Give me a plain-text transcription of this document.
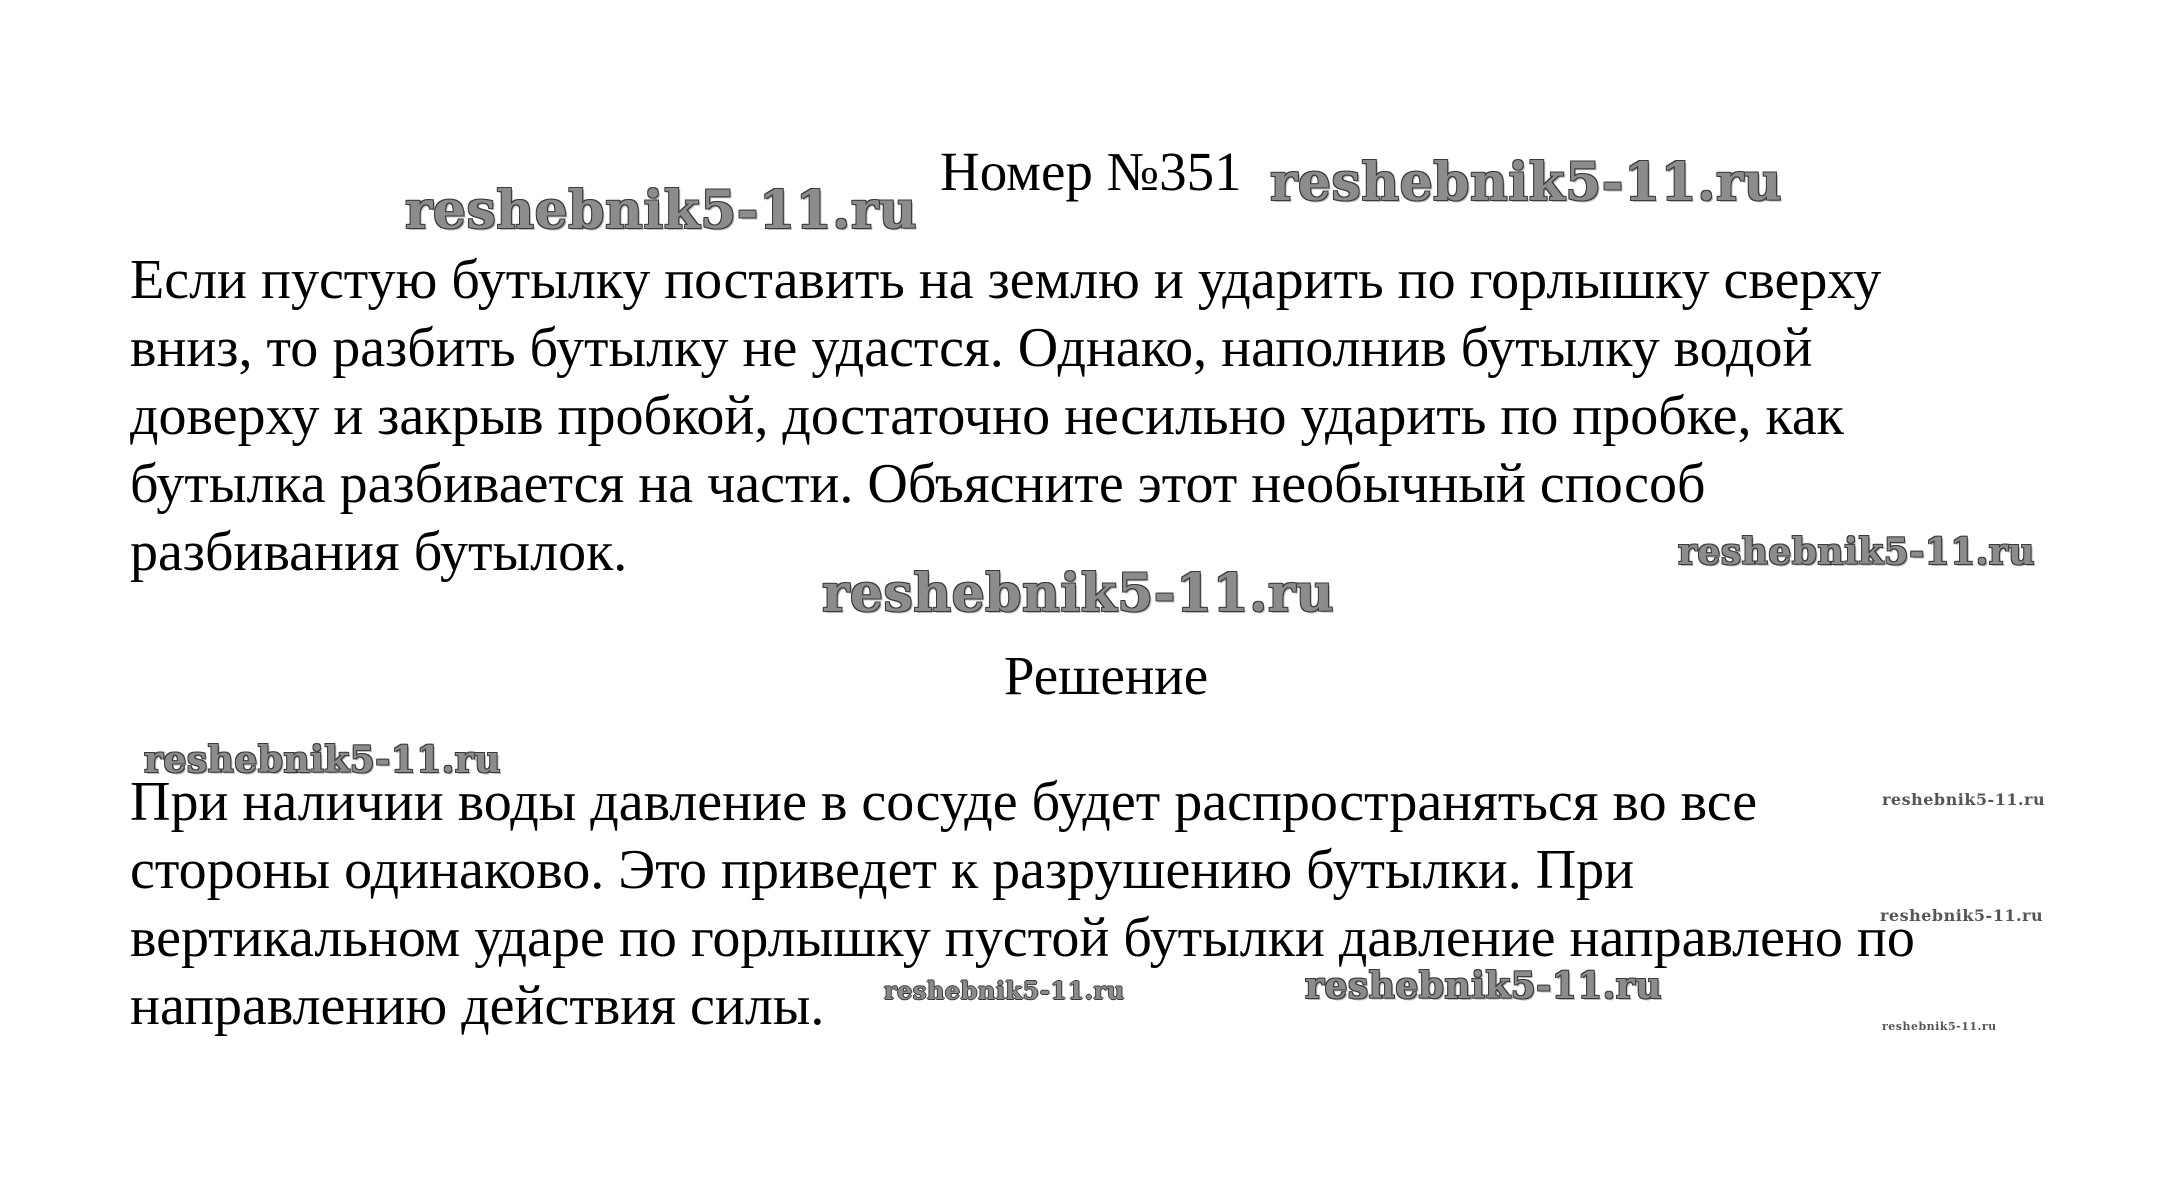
reshebnik5-11.ru	reshebnik5-11.ru
reshebnik5-11.ru
reshebnik5-11.ru
reshebnik5-11.ru
reshebnik5-11.ru
reshebnik5-11.ru
reshebnik5-11.ru
reshebnik5-11.ru
reshebnik5-11.ru
Номер №351

Если пустую бутылку поставить на землю и ударить по горлышку сверху
вниз, то разбить бутылку не удастся. Однако, наполнив бутылку водой
доверху и закрыв пробкой, достаточно несильно ударить по пробке, как
бутылка разбивается на части. Объясните этот необычный способ
разбивания бутылок.

Решение

При наличии воды давление в сосуде будет распространяться во все
стороны одинаково. Это приведет к разрушению бутылки. При
вертикальном ударе по горлышку пустой бутылки давление направлено по
направлению действия силы.
